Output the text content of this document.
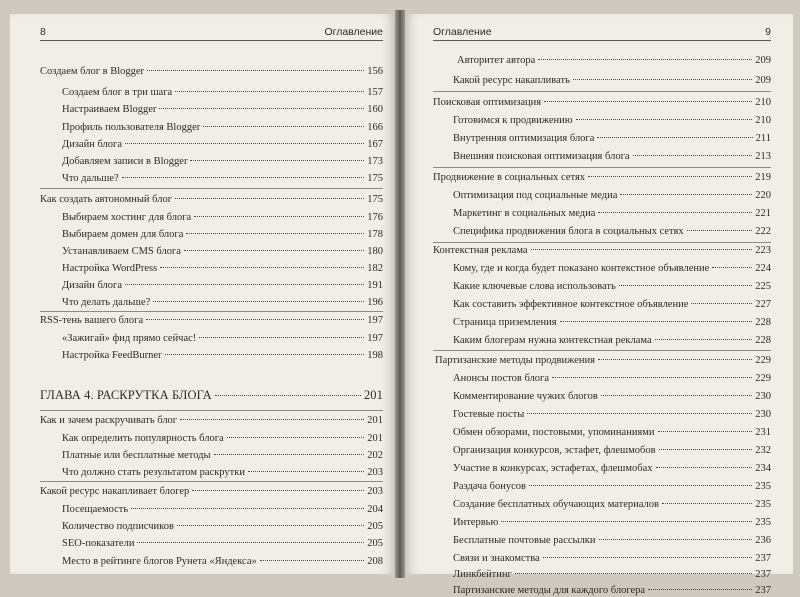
8	Оглавление
Создаем блог в Blogger	156
Создаем блог в три шага	157
Настраиваем Blogger	160
Профиль пользователя Blogger	166
Дизайн блога	167
Добавляем записи в Blogger	173
Что дальше?	175
Как создать автономный блог	175
Выбираем хостинг для блога	176
Выбираем домен для блога	178
Устанавливаем CMS блога	180
Настройка WordPress	182
Дизайн блога	191
Что делать дальше?	196
RSS-тень вашего блога	197
«Зажигай» фид прямо сейчас!	197
Настройка FeedBurner	198
ГЛАВА 4. РАСКРУТКА БЛОГА	201
Как и зачем раскручивать блог	201
Как определить популярность блога	201
Платные или бесплатные методы	202
Что должно стать результатом раскрутки	203
Какой ресурс накапливает блогер	203
Посещаемость	204
Количество подписчиков	205
SEO-показатели	205
Место в рейтинге блогов Рунета «Яндекса»	208
Оглавление	9
Авторитет автора	209
Какой ресурс накапливать	209
Поисковая оптимизация	210
Готовимся к продвижению	210
Внутренняя оптимизация блога	211
Внешняя поисковая оптимизация блога	213
Продвижение в социальных сетях	219
Оптимизация под социальные медиа	220
Маркетинг в социальных медиа	221
Специфика продвижения блога в социальных сетях	222
Контекстная реклама	223
Кому, где и когда будет показано контекстное объявление	224
Какие ключевые слова использовать	225
Как составить эффективное контекстное объявление	227
Страница приземления	228
Каким блогерам нужна контекстная реклама	228
Партизанские методы продвижения	229
Анонсы постов блога	229
Комментирование чужих блогов	230
Гостевые посты	230
Обмен обзорами, постовыми, упоминаниями	231
Организация конкурсов, эстафет, флешмобов	232
Участие в конкурсах, эстафетах, флешмобах	234
Раздача бонусов	235
Создание бесплатных обучающих материалов	235
Интервью	235
Бесплатные почтовые рассылки	236
Связи и знакомства	237
Линкбейтинг	237
Партизанские методы для каждого блогера	237
